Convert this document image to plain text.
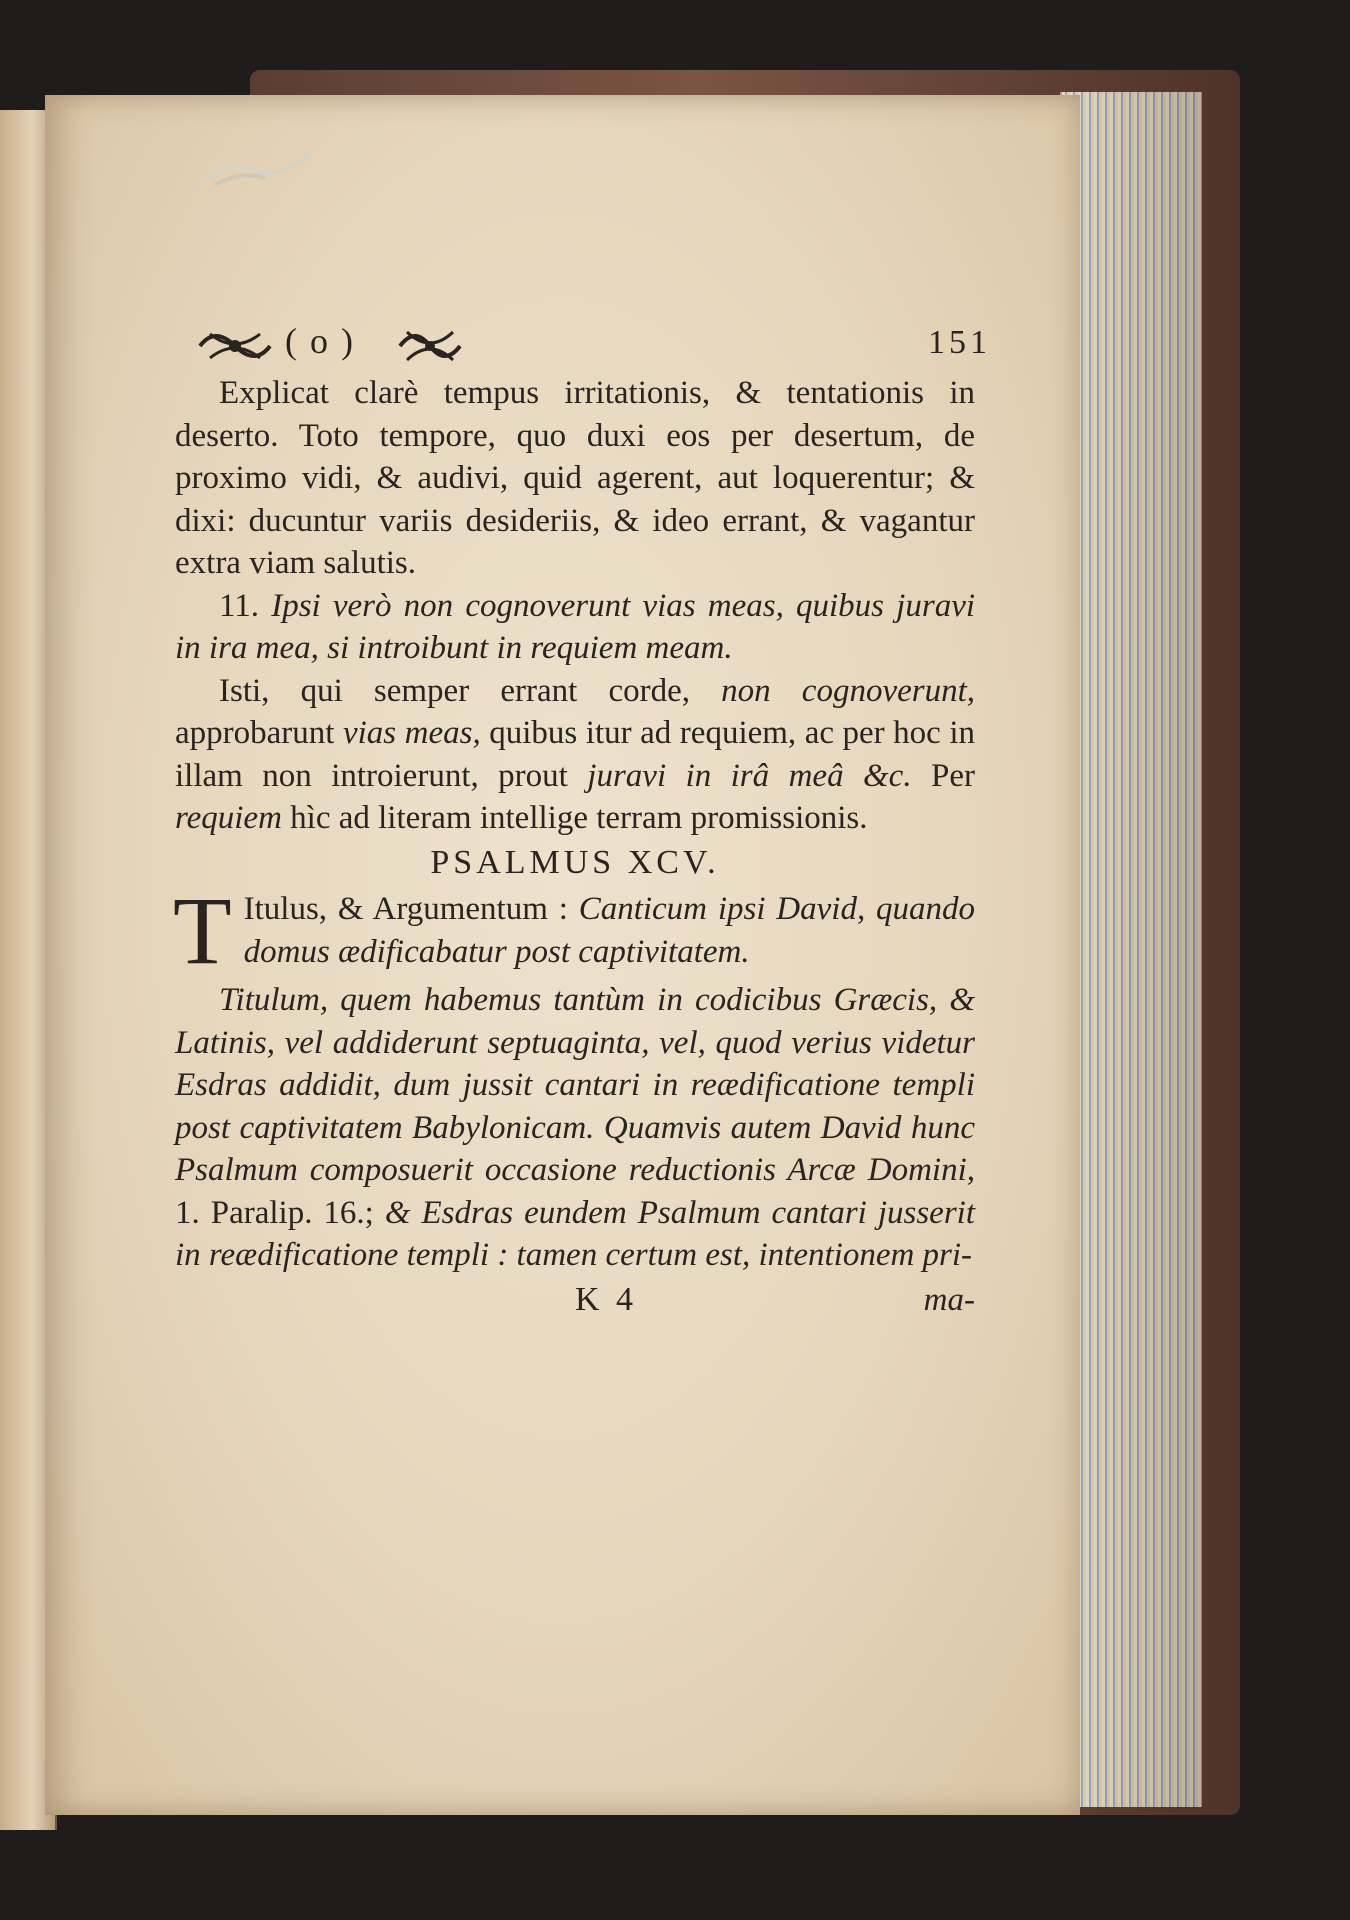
( o )	151

Explicat clarè tempus irritationis, & tentationis in deserto. Toto tempore, quo duxi eos per desertum, de proximo vidi, & audivi, quid agerent, aut loquerentur; & dixi: ducuntur variis desideriis, & ideo errant, & vagantur extra viam salutis.

11. Ipsi verò non cognoverunt vias meas, quibus juravi in ira mea, si introibunt in requiem meam.

Isti, qui semper errant corde, non cognoverunt, approbarunt vias meas, quibus itur ad requiem, ac per hoc in illam non introierunt, prout juravi in irâ meâ &c. Per requiem hìc ad literam intellige terram promissionis.

PSALMUS XCV.

T Itulus, & Argumentum : Canticum ipsi David, quando domus ædificabatur post captivitatem.

Titulum, quem habemus tantùm in codicibus Græcis, & Latinis, vel addiderunt septuaginta, vel, quod verius videtur Esdras addidit, dum jussit cantari in reædificatione templi post captivitatem Babylonicam. Quamvis autem David hunc Psalmum composuerit occasione reductionis Arcæ Domini, 1. Paralip. 16.; & Esdras eundem Psalmum cantari jusserit in reædificatione templi : tamen certum est, intentionem pri-

K 4	ma-
